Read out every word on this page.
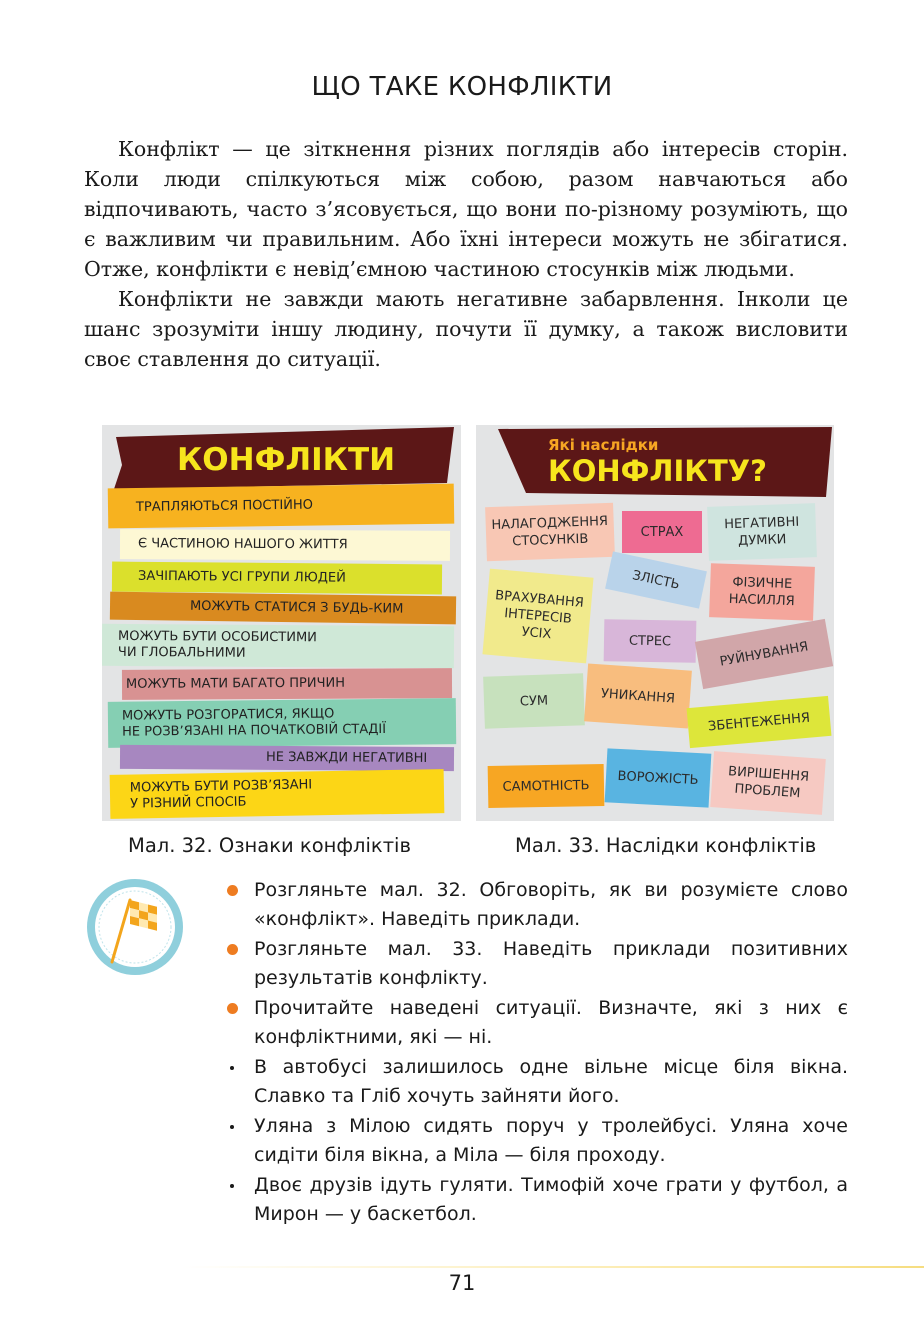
ЩО ТАКЕ КОНФЛІКТИ

Конфлікт — це зіткнення різних поглядів або інтересів сторін. Коли люди спілкуються між собою, разом навчаються або відпочивають, часто з’ясовується, що вони по-різному розуміють, що є важливим чи правильним. Або їхні інтереси можуть не збігатися. Отже, конфлікти є невід’ємною частиною стосунків між людьми.

Конфлікти не завжди мають негативне забарвлення. Інколи це шанс зрозуміти іншу людину, почути її думку, а також висловити своє ставлення до ситуації.

КОНФЛІКТИ
ТРАПЛЯЮТЬСЯ ПОСТІЙНО
Є ЧАСТИНОЮ НАШОГО ЖИТТЯ
ЗАЧІПАЮТЬ УСІ ГРУПИ ЛЮДЕЙ
МОЖУТЬ СТАТИСЯ З БУДЬ-КИМ
МОЖУТЬ БУТИ ОСОБИСТИМИ
ЧИ ГЛОБАЛЬНИМИ
МОЖУТЬ МАТИ БАГАТО ПРИЧИН
МОЖУТЬ РОЗГОРАТИСЯ, ЯКЩО
НЕ РОЗВ’ЯЗАНІ НА ПОЧАТКОВІЙ СТАДІЇ
НЕ ЗАВЖДИ НЕГАТИВНІ
МОЖУТЬ БУТИ РОЗВ’ЯЗАНІ
У РІЗНИЙ СПОСІБ
Мал. 32. Ознаки конфліктів
Які наслідки
КОНФЛІКТУ?
НАЛАГОДЖЕННЯ
СТОСУНКІВ	СТРАХ	НЕГАТИВНІ
ДУМКИ
ЗЛІСТЬ	ФІЗИЧНЕ
НАСИЛЛЯ
ВРАХУВАННЯ
ІНТЕРЕСІВ
УСІХ	СТРЕС	РУЙНУВАННЯ
СУМ	УНИКАННЯ
ЗБЕНТЕЖЕННЯ
САМОТНІСТЬ	ВОРОЖІСТЬ	ВИРІШЕННЯ
ПРОБЛЕМ
Мал. 33. Наслідки конфліктів
Розгляньте мал. 32. Обговоріть, як ви розумієте слово «конфлікт». Наведіть приклади.
Розгляньте мал. 33. Наведіть приклади позитивних результатів конфлікту.
Прочитайте наведені ситуації. Визначте, які з них є конфліктними, які — ні.
В автобусі залишилось одне вільне місце біля вікна. Славко та Гліб хочуть зайняти його.
Уляна з Мілою сидять поруч у тролейбусі. Уляна хоче сидіти біля вікна, а Міла — біля проходу.
Двоє друзів ідуть гуляти. Тимофій хоче грати у футбол, а Мирон — у баскетбол.
71
